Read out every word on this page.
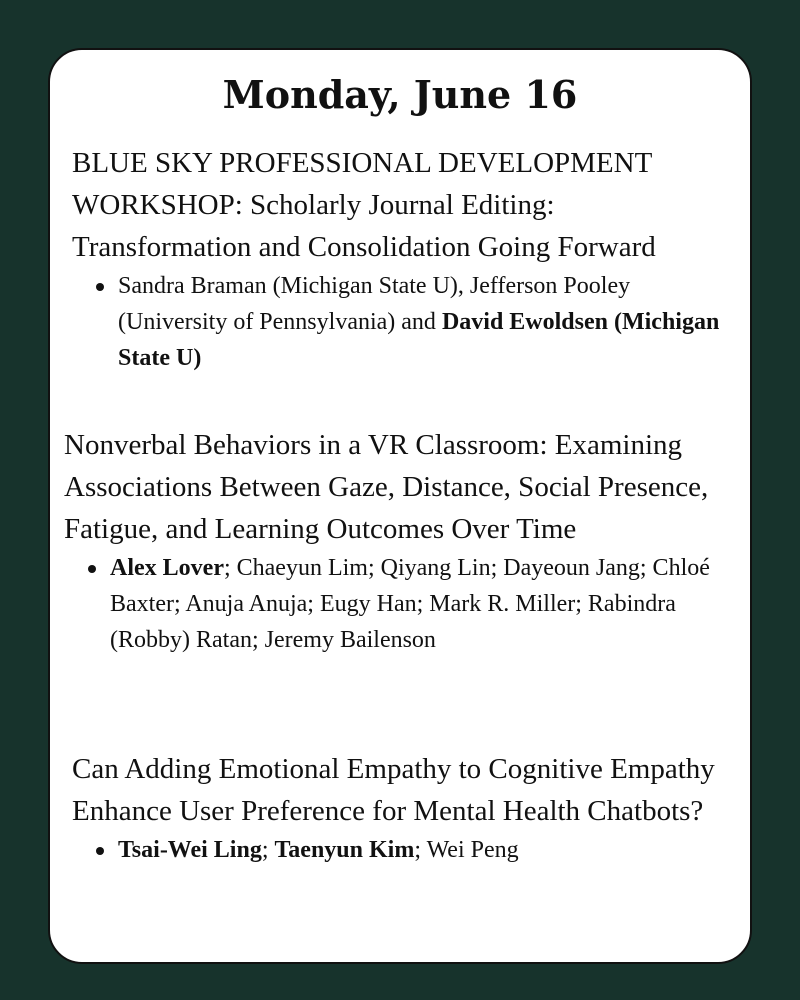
Monday, June 16
BLUE SKY PROFESSIONAL DEVELOPMENT WORKSHOP: Scholarly Journal Editing: Transformation and Consolidation Going Forward
Sandra Braman (Michigan State U), Jefferson Pooley (University of Pennsylvania) and David Ewoldsen (Michigan State U)
Nonverbal Behaviors in a VR Classroom: Examining Associations Between Gaze, Distance, Social Presence, Fatigue, and Learning Outcomes Over Time
Alex Lover; Chaeyun Lim; Qiyang Lin; Dayeoun Jang; Chloé Baxter; Anuja Anuja; Eugy Han; Mark R. Miller; Rabindra (Robby) Ratan; Jeremy Bailenson
Can Adding Emotional Empathy to Cognitive Empathy Enhance User Preference for Mental Health Chatbots?
Tsai-Wei Ling; Taenyun Kim; Wei Peng
